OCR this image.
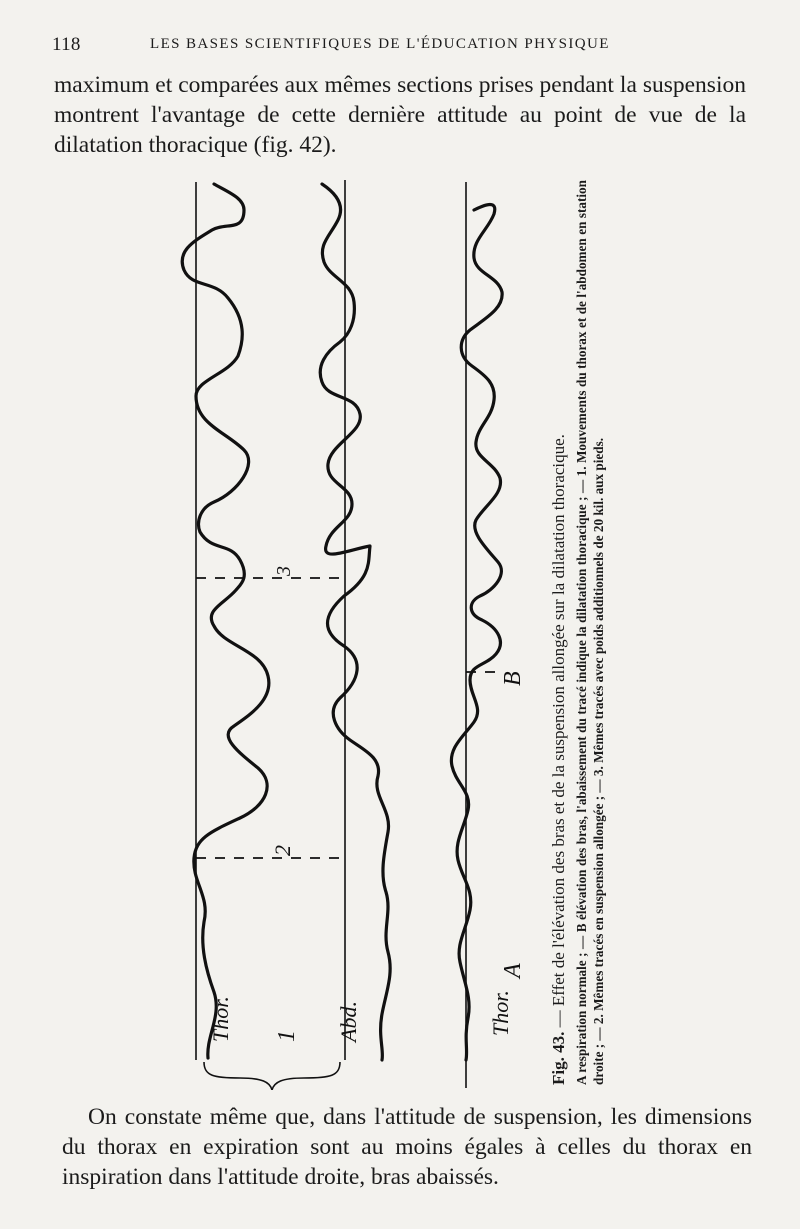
118	LES BASES SCIENTIFIQUES DE L'ÉDUCATION PHYSIQUE

maximum et comparées aux mêmes sections prises pendant la suspension montrent l'avantage de cette dernière attitude au point de vue de la dilatation thoracique (fig. 42).

Thor. 1 Abd.	Thor.
2
3
A
B
Fig. 43. — Effet de l'élévation des bras et de la suspension allongée sur la dilatation thoracique. A respiration normale ; — B élévation des bras, l'abaissement du tracé indique la dilatation thoracique ; — 1. Mouvements du thorax et de l'abdomen en station droite ; — 2. Mêmes tracés en suspension allongée ; — 3. Mêmes tracés avec poids additionnels de 20 kil. aux pieds.

On constate même que, dans l'attitude de suspension, les dimensions du thorax en expiration sont au moins égales à celles du thorax en inspiration dans l'attitude droite, bras abaissés.
